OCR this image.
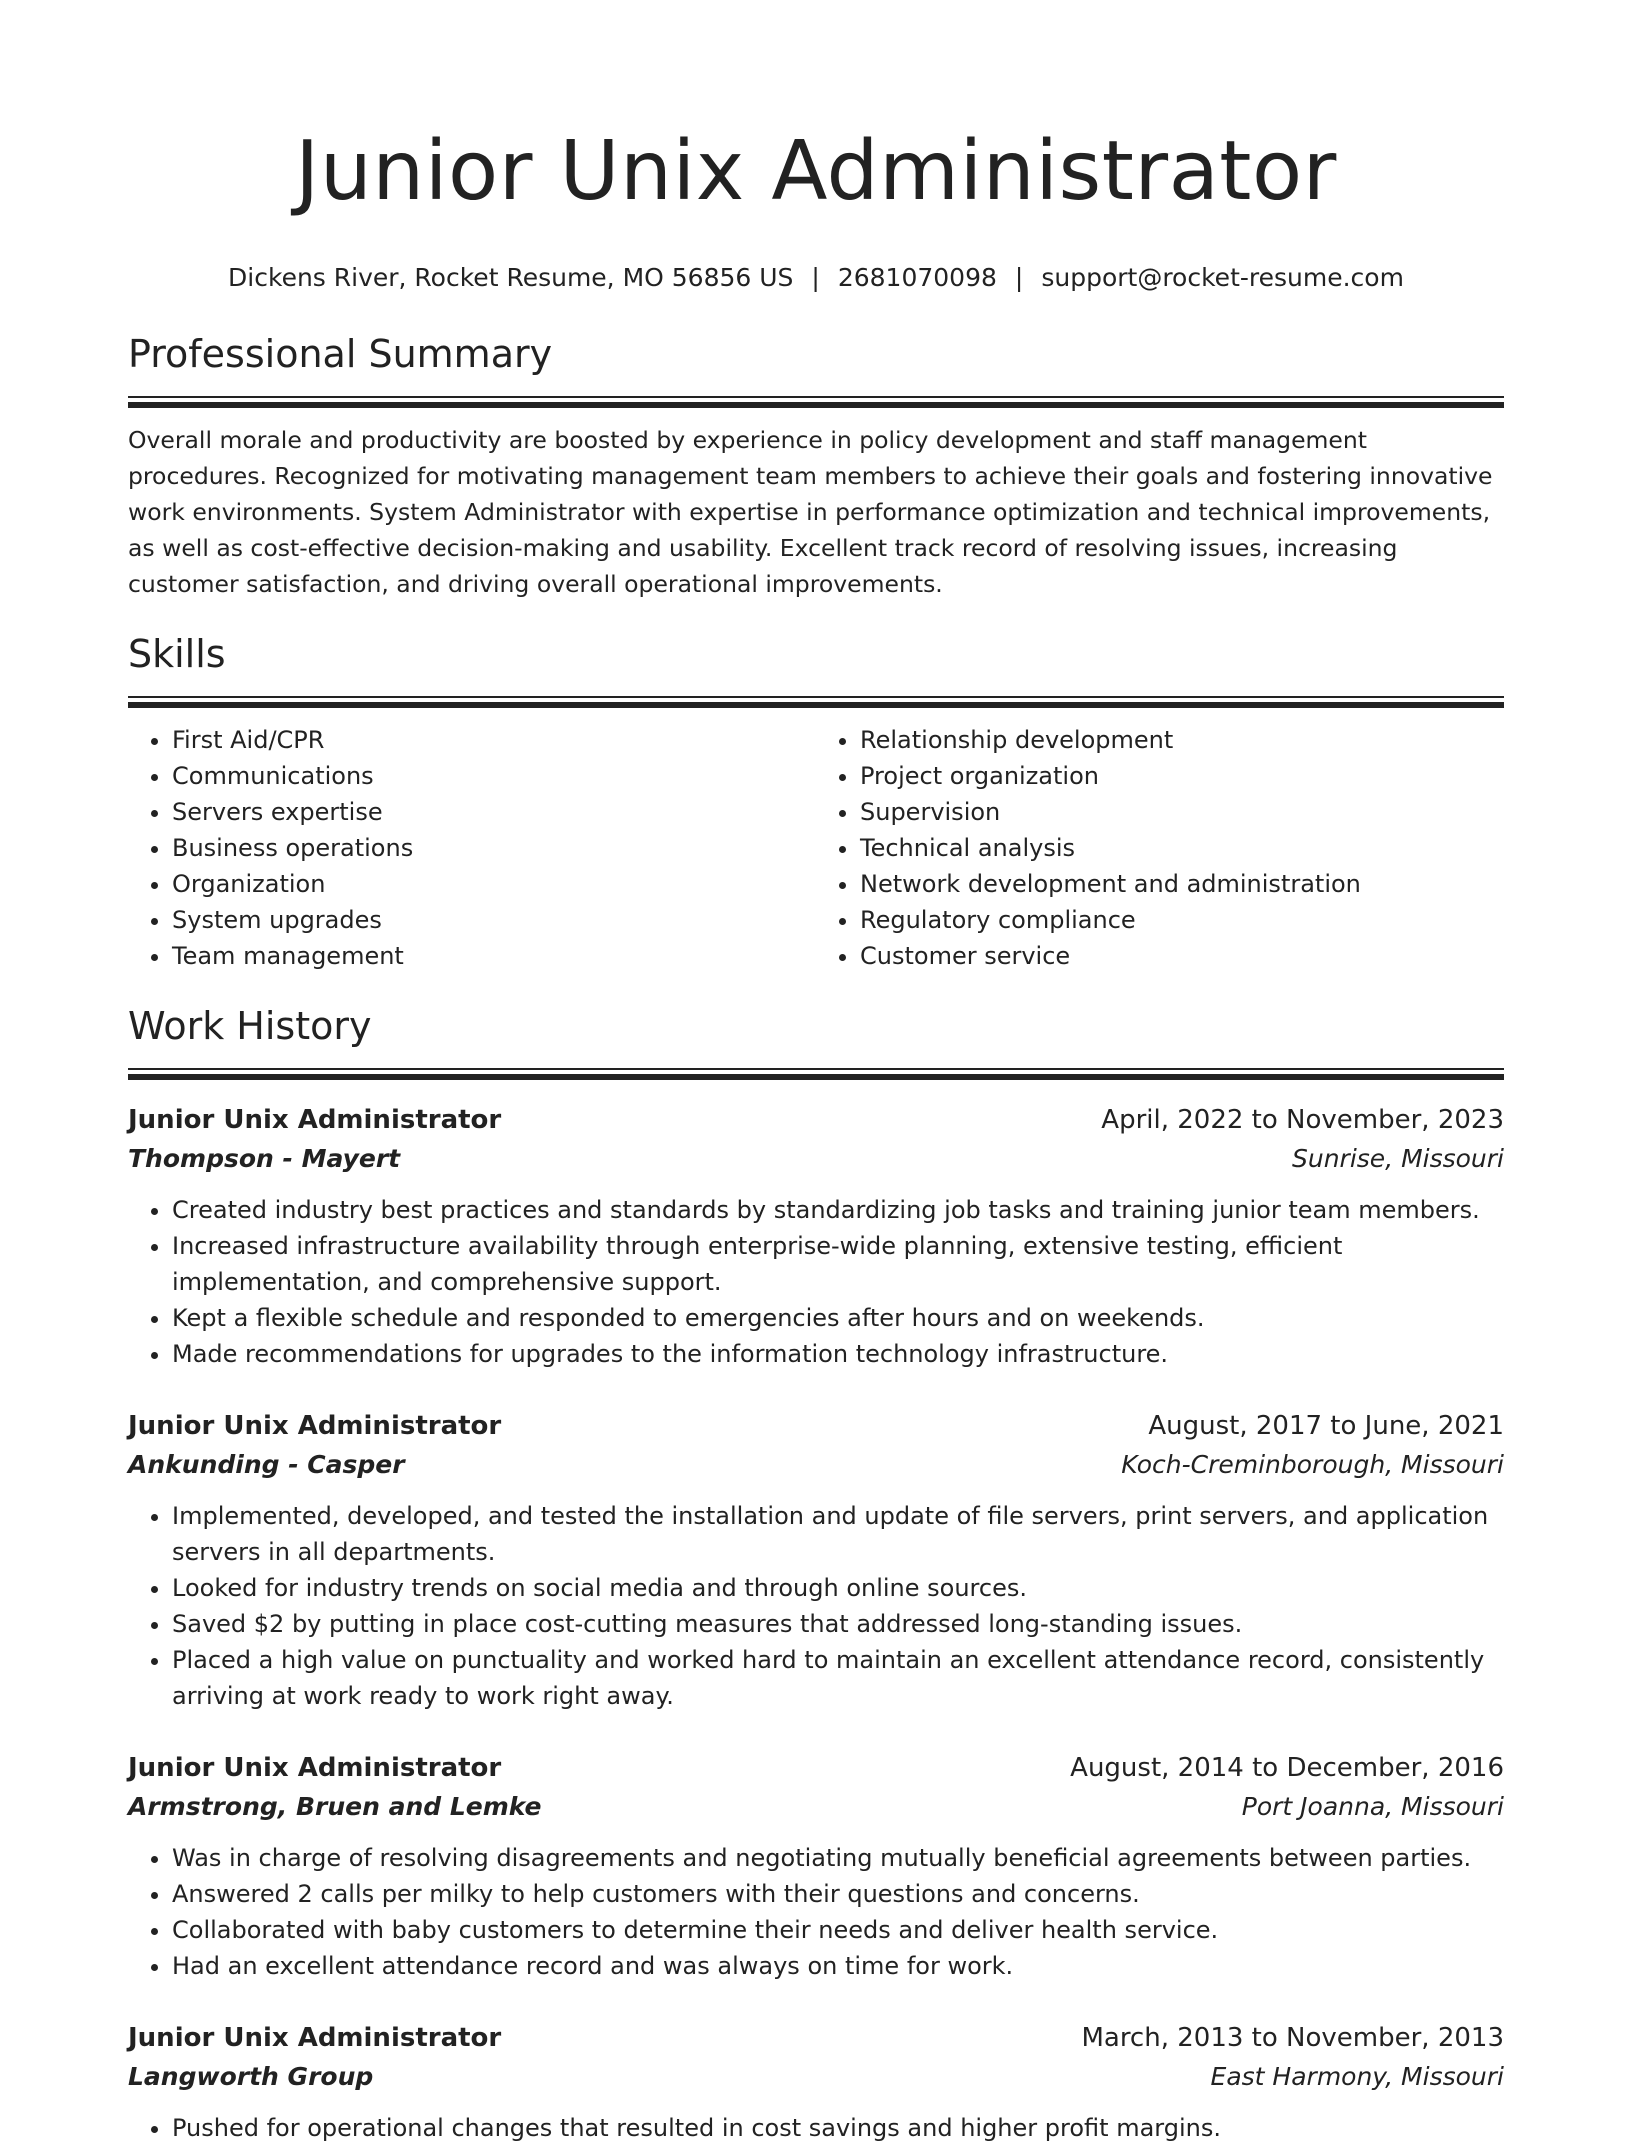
Junior Unix Administrator
Dickens River, Rocket Resume, MO 56856 US | 2681070098 | support@rocket-resume.com
Professional Summary

Overall morale and productivity are boosted by experience in policy development and staff management procedures. Recognized for motivating management team members to achieve their goals and fostering innovative work environments. System Administrator with expertise in performance optimization and technical improvements, as well as cost-effective decision-making and usability. Excellent track record of resolving issues, increasing customer satisfaction, and driving overall operational improvements.

Skills
• First Aid/CPR
• Communications
• Servers expertise
• Business operations
• Organization
• System upgrades
• Team management
• Relationship development
• Project organization
• Supervision
• Technical analysis
• Network development and administration
• Regulatory compliance
• Customer service
Work History
Junior Unix Administrator	April, 2022 to November, 2023
Thompson - Mayert	Sunrise, Missouri
• Created industry best practices and standards by standardizing job tasks and training junior team members.
• Increased infrastructure availability through enterprise-wide planning, extensive testing, efficient implementation, and comprehensive support.
• Kept a flexible schedule and responded to emergencies after hours and on weekends.
• Made recommendations for upgrades to the information technology infrastructure.
Junior Unix Administrator	August, 2017 to June, 2021
Ankunding - Casper	Koch-Creminborough, Missouri
• Implemented, developed, and tested the installation and update of file servers, print servers, and application servers in all departments.
• Looked for industry trends on social media and through online sources.
• Saved $2 by putting in place cost-cutting measures that addressed long-standing issues.
• Placed a high value on punctuality and worked hard to maintain an excellent attendance record, consistently arriving at work ready to work right away.
Junior Unix Administrator	August, 2014 to December, 2016
Armstrong, Bruen and Lemke	Port Joanna, Missouri
• Was in charge of resolving disagreements and negotiating mutually beneficial agreements between parties.
• Answered 2 calls per milky to help customers with their questions and concerns.
• Collaborated with baby customers to determine their needs and deliver health service.
• Had an excellent attendance record and was always on time for work.
Junior Unix Administrator	March, 2013 to November, 2013
Langworth Group	East Harmony, Missouri
• Pushed for operational changes that resulted in cost savings and higher profit margins.
